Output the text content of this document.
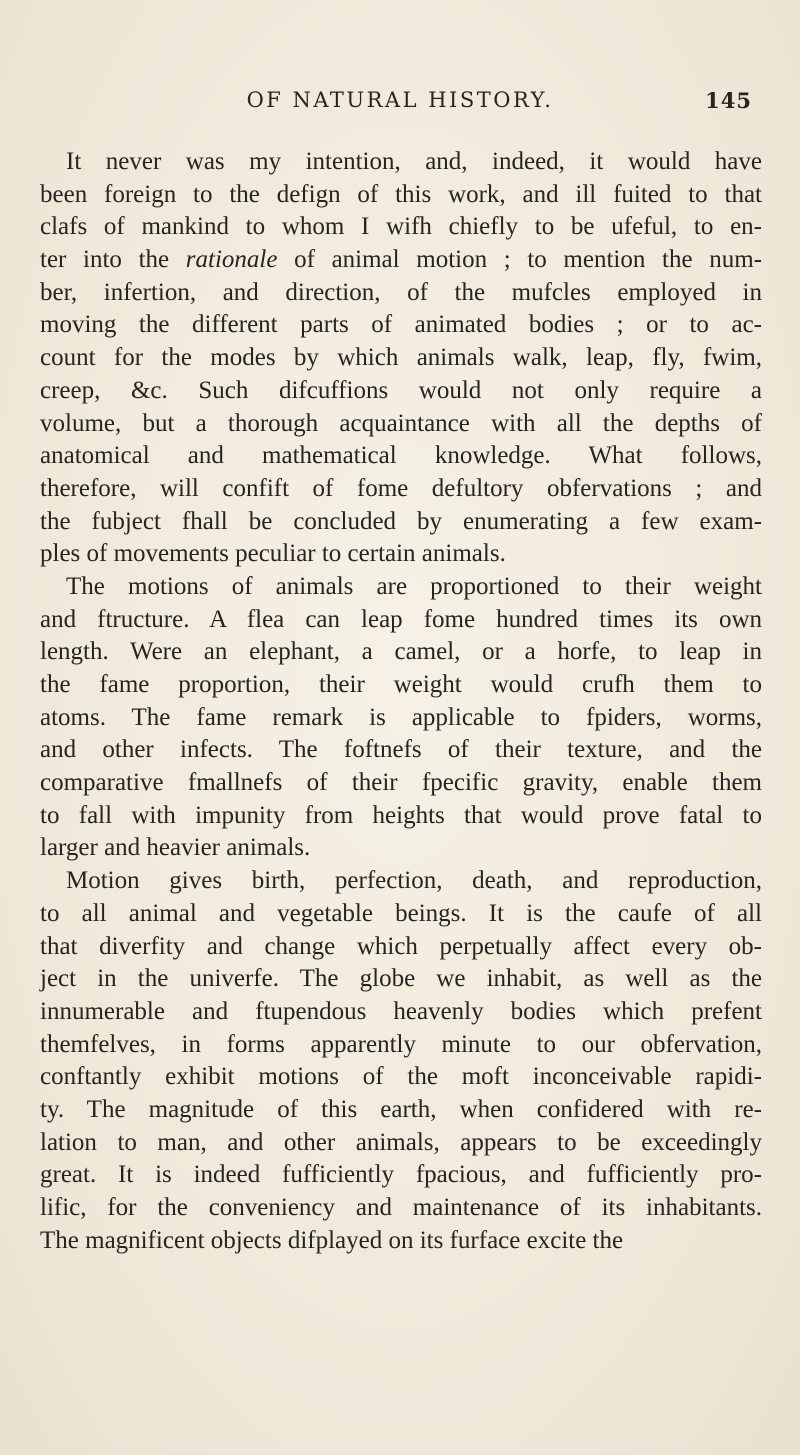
OF NATURAL HISTORY.	145
It never was my intention, and, indeed, it would have
been foreign to the defign of this work, and ill fuited to that
clafs of mankind to whom I wifh chiefly to be ufeful, to en-
ter into the rationale of animal motion ; to mention the num-
ber, infertion, and direction, of the mufcles employed in
moving the different parts of animated bodies ; or to ac-
count for the modes by which animals walk, leap, fly, fwim,
creep, &c. Such difcuffions would not only require a
volume, but a thorough acquaintance with all the depths of
anatomical and mathematical knowledge. What follows,
therefore, will confift of fome defultory obfervations ; and
the fubject fhall be concluded by enumerating a few exam-
ples of movements peculiar to certain animals.
The motions of animals are proportioned to their weight
and ftructure. A flea can leap fome hundred times its own
length. Were an elephant, a camel, or a horfe, to leap in
the fame proportion, their weight would crufh them to
atoms. The fame remark is applicable to fpiders, worms,
and other infects. The foftnefs of their texture, and the
comparative fmallnefs of their fpecific gravity, enable them
to fall with impunity from heights that would prove fatal to
larger and heavier animals.
Motion gives birth, perfection, death, and reproduction,
to all animal and vegetable beings. It is the caufe of all
that diverfity and change which perpetually affect every ob-
ject in the univerfe. The globe we inhabit, as well as the
innumerable and ftupendous heavenly bodies which prefent
themfelves, in forms apparently minute to our obfervation,
conftantly exhibit motions of the moft inconceivable rapidi-
ty. The magnitude of this earth, when confidered with re-
lation to man, and other animals, appears to be exceedingly
great. It is indeed fufficiently fpacious, and fufficiently pro-
lific, for the conveniency and maintenance of its inhabitants.
The magnificent objects difplayed on its furface excite the
